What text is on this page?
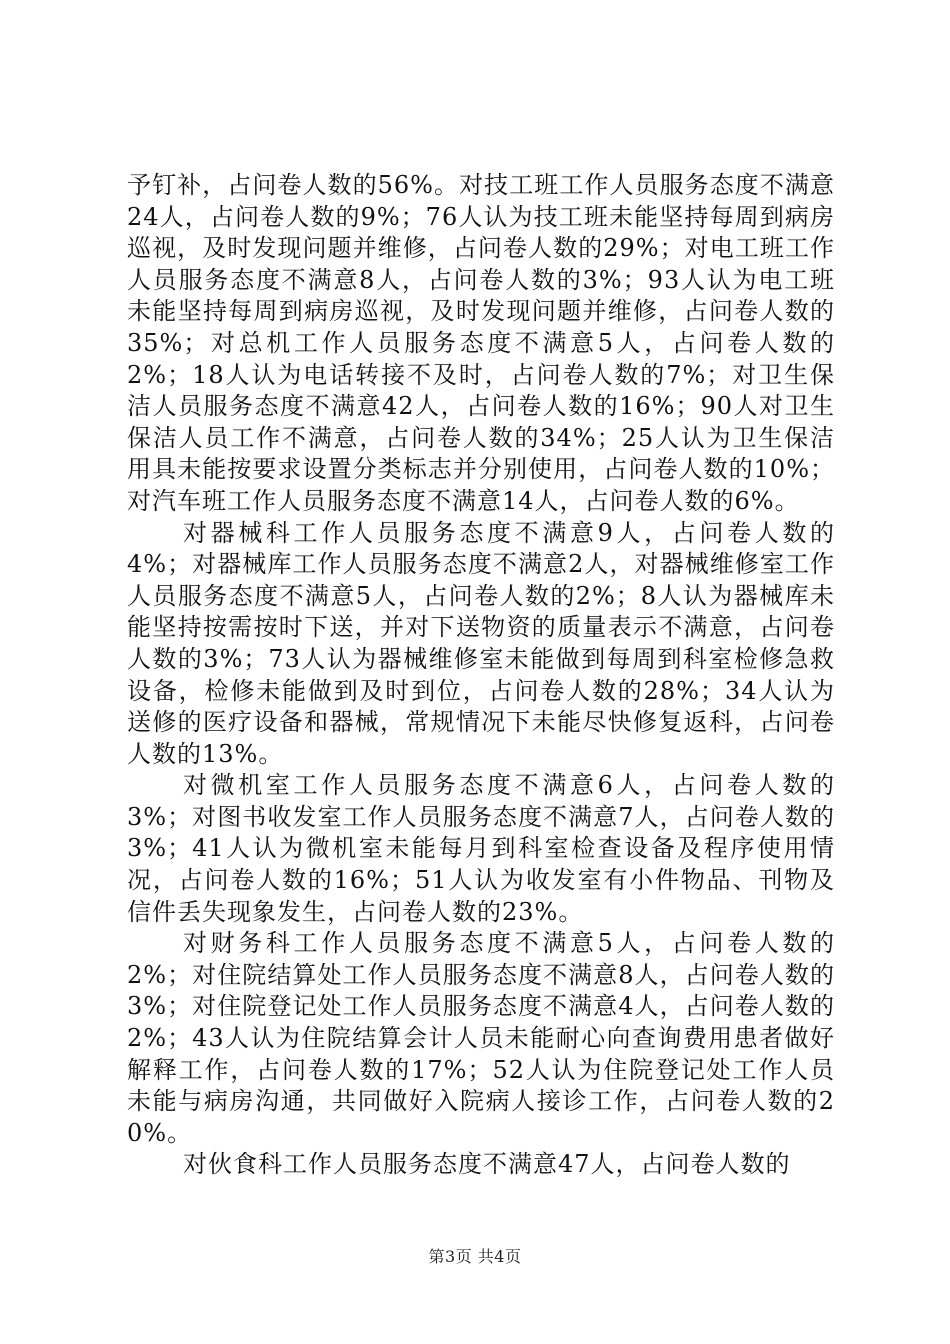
予钉补，占问卷人数的56%。对技工班工作人员服务态度不满意24人，占问卷人数的9%；76人认为技工班未能坚持每周到病房巡视，及时发现问题并维修，占问卷人数的29%；对电工班工作人员服务态度不满意8人，占问卷人数的3%；93人认为电工班未能坚持每周到病房巡视，及时发现问题并维修，占问卷人数的35%；对总机工作人员服务态度不满意5人，占问卷人数的2%；18人认为电话转接不及时，占问卷人数的7%；对卫生保洁人员服务态度不满意42人，占问卷人数的16%；90人对卫生保洁人员工作不满意，占问卷人数的34%；25人认为卫生保洁用具未能按要求设置分类标志并分别使用，占问卷人数的10%；对汽车班工作人员服务态度不满意14人，占问卷人数的6%。

对器械科工作人员服务态度不满意9人，占问卷人数的4%；对器械库工作人员服务态度不满意2人，对器械维修室工作人员服务态度不满意5人，占问卷人数的2%；8人认为器械库未能坚持按需按时下送，并对下送物资的质量表示不满意，占问卷人数的3%；73人认为器械维修室未能做到每周到科室检修急救设备，检修未能做到及时到位，占问卷人数的28%；34人认为送修的医疗设备和器械，常规情况下未能尽快修复返科，占问卷人数的13%。

对微机室工作人员服务态度不满意6人，占问卷人数的3%；对图书收发室工作人员服务态度不满意7人，占问卷人数的3%；41人认为微机室未能每月到科室检查设备及程序使用情况，占问卷人数的16%；51人认为收发室有小件物品、刊物及信件丢失现象发生，占问卷人数的23%。

对财务科工作人员服务态度不满意5人，占问卷人数的2%；对住院结算处工作人员服务态度不满意8人，占问卷人数的3%；对住院登记处工作人员服务态度不满意4人，占问卷人数的2%；43人认为住院结算会计人员未能耐心向查询费用患者做好解释工作，占问卷人数的17%；52人认为住院登记处工作人员未能与病房沟通，共同做好入院病人接诊工作，占问卷人数的20%。

对伙食科工作人员服务态度不满意47人，占问卷人数的

第3页 共4页
